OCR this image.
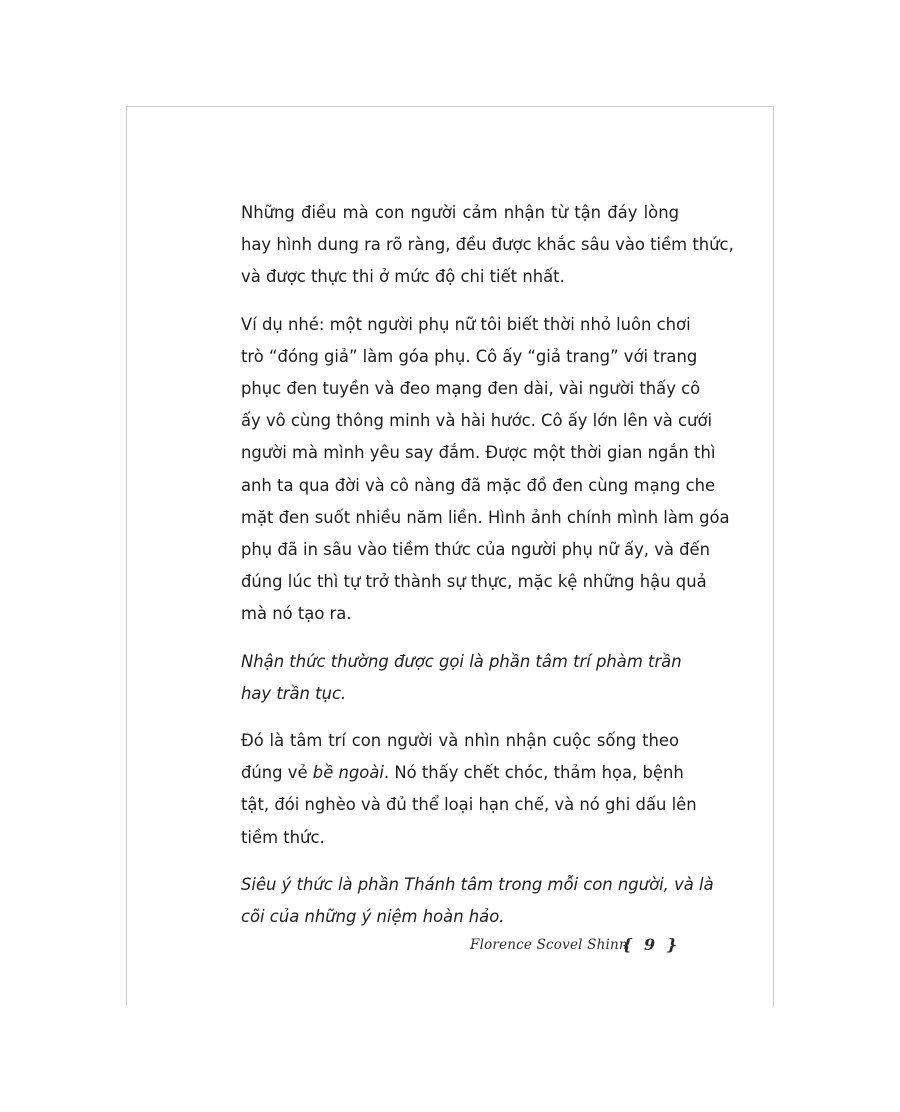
Những điều mà con người cảm nhận từ tận đáy lòng
hay hình dung ra rõ ràng, đều được khắc sâu vào tiềm thức,
và được thực thi ở mức độ chi tiết nhất.

Ví dụ nhé: một người phụ nữ tôi biết thời nhỏ luôn chơi
trò “đóng giả” làm góa phụ. Cô ấy “giả trang” với trang
phục đen tuyền và đeo mạng đen dài, vài người thấy cô
ấy vô cùng thông minh và hài hước. Cô ấy lớn lên và cưới
người mà mình yêu say đắm. Được một thời gian ngắn thì
anh ta qua đời và cô nàng đã mặc đồ đen cùng mạng che
mặt đen suốt nhiều năm liền. Hình ảnh chính mình làm góa
phụ đã in sâu vào tiềm thức của người phụ nữ ấy, và đến
đúng lúc thì tự trở thành sự thực, mặc kệ những hậu quả
mà nó tạo ra.

Nhận thức thường được gọi là phần tâm trí phàm trần
hay trần tục.

Đó là tâm trí con người và nhìn nhận cuộc sống theo
đúng vẻ bề ngoài. Nó thấy chết chóc, thảm họa, bệnh
tật, đói nghèo và đủ thể loại hạn chế, và nó ghi dấu lên
tiềm thức.

Siêu ý thức là phần Thánh tâm trong mỗi con người, và là
cõi của những ý niệm hoàn hảo.

Florence Scovel Shinn
{ 9 }
